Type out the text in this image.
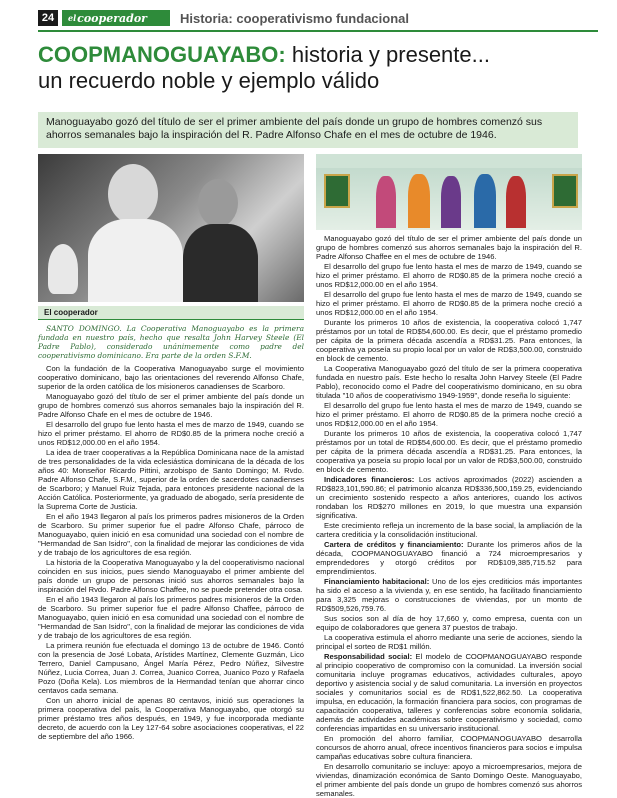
24	el cooperador	Historia: cooperativismo fundacional
COOPMANOGUAYABO: historia y presente...
un recuerdo noble y ejemplo válido
Manoguayabo gozó del título de ser el primer ambiente del país donde un grupo de hombres comenzó sus ahorros semanales bajo la inspiración del R. Padre Alfonso Chafe en el mes de octubre de 1946.
El cooperador

SANTO DOMINGO. La Cooperativa Manoguayabo es la primera fundada en nuestro país, hecho que resalta John Harvey Steele (El Padre Pablo), considerado unánimemente como padre del cooperativismo dominicano. Era parte de la orden S.F.M.

Con la fundación de la Cooperativa Manoguayabo surge el movimiento cooperativo dominicano, bajo las orientaciones del reverendo Alfonso Chafe, superior de la orden católica de los misioneros canadienses de Scarboro.

Manoguayabo gozó del título de ser el primer ambiente del país donde un grupo de hombres comenzó sus ahorros semanales bajo la inspiración del R. Padre Alfonso Chafe en el mes de octubre de 1946.

El desarrollo del grupo fue lento hasta el mes de marzo de 1949, cuando se hizo el primer préstamo. El ahorro de RD$0.85 de la primera noche creció a unos RD$12,000.00 en el año 1954.

La idea de traer cooperativas a la República Dominicana nace de la amistad de tres personalidades de la vida eclesiástica dominicana de la década de los años 40: Monseñor Ricardo Pittini, arzobispo de Santo Domingo; M. Rvdo. Padre Alfonso Chafe, S.F.M., superior de la orden de sacerdotes canadienses de Scarboro; y Manuel Ruiz Tejada, para entonces presidente nacional de la Acción Católica. Posteriormente, ya graduado de abogado, sería presidente de la Suprema Corte de Justicia.

En el año 1943 llegaron al país los primeros padres misioneros de la Orden de Scarboro. Su primer superior fue el padre Alfonso Chafe, párroco de Manoguayabo, quien inició en esa comunidad una sociedad con el nombre de "Hermandad de San Isidro", con la finalidad de mejorar las condiciones de vida y de trabajo de los agricultores de esa región.

La historia de la Cooperativa Manoguayabo y la del cooperativismo nacional coinciden en sus inicios, pues siendo Manoguayabo el primer ambiente del país donde un grupo de personas inició sus ahorros semanales bajo la inspiración del Rvdo. Padre Alfonso Chaffee, no se puede pretender otra cosa.

En el año 1943 llegaron al país los primeros padres misioneros de la Orden de Scarboro. Su primer superior fue el padre Alfonso Chaffee, párroco de Manoguayabo, quien inició en esa comunidad una sociedad con el nombre de "Hermandad de San Isidro", con la finalidad de mejorar las condiciones de vida y de trabajo de los agricultores de esa región.

La primera reunión fue efectuada el domingo 13 de octubre de 1946. Contó con la presencia de José Lobata, Arístides Martínez, Clemente Guzmán, Lico Terrero, Daniel Campusano, Ángel María Pérez, Pedro Núñez, Silvestre Núñez, Lucia Correa, Juan J. Correa, Juanico Correa, Juanico Pozo y Rafaela Pozo (Doña Kela). Los miembros de la Hermandad tenían que ahorrar cinco centavos cada semana.

Con un ahorro inicial de apenas 80 centavos, inició sus operaciones la primera cooperativa del país, la Cooperativa Manoguayabo, que otorgó su primer préstamo tres años después, en 1949, y fue incorporada mediante decreto, de acuerdo con la Ley 127-64 sobre asociaciones cooperativas, el 22 de septiembre del año 1966.

Manoguayabo gozó del título de ser el primer ambiente del país donde un grupo de hombres comenzó sus ahorros semanales bajo la inspiración del R. Padre Alfonso Chaffee en el mes de octubre de 1946.

El desarrollo del grupo fue lento hasta el mes de marzo de 1949, cuando se hizo el primer préstamo. El ahorro de RD$0.85 de la primera noche creció a unos RD$12,000.00 en el año 1954.

El desarrollo del grupo fue lento hasta el mes de marzo de 1949, cuando se hizo el primer préstamo. El ahorro de RD$0.85 de la primera noche creció a unos RD$12,000.00 en el año 1954.

Durante los primeros 10 años de existencia, la cooperativa colocó 1,747 préstamos por un total de RD$54,600.00. Es decir, que el préstamo promedio per cápita de la primera década ascendía a RD$31.25. Para entonces, la cooperativa ya poseía su propio local por un valor de RD$3,500.00, construido en block de cemento.

La Cooperativa Manoguayabo gozó del título de ser la primera cooperativa fundada en nuestro país. Este hecho lo resalta John Harvey Steele (El Padre Pablo), reconocido como el Padre del cooperativismo dominicano, en su obra titulada "10 años de cooperativismo 1949-1959", donde reseña lo siguiente:

El desarrollo del grupo fue lento hasta el mes de marzo de 1949, cuando se hizo el primer préstamo. El ahorro de RD$0.85 de la primera noche creció a unos RD$12,000.00 en el año 1954.

Durante los primeros 10 años de existencia, la cooperativa colocó 1,747 préstamos por un total de RD$54,600.00. Es decir, que el préstamo promedio per cápita de la primera década ascendía a RD$31.25. Para entonces, la cooperativa ya poseía su propio local por un valor de RD$3,500.00, construido en block de cemento.

Indicadores financieros: Los activos aproximados (2022) ascienden a RD$823,101,590.86; el patrimonio alcanza RD$336,500,159.25, evidenciando un crecimiento sostenido respecto a años anteriores, cuando los activos rondaban los RD$270 millones en 2019, lo que muestra una expansión significativa.

Este crecimiento refleja un incremento de la base social, la ampliación de la cartera crediticia y la consolidación institucional.

Cartera de créditos y financiamiento: Durante los primeros años de la década, COOPMANOGUAYABO financió a 724 microempresarios y emprendedores y otorgó créditos por RD$109,385,715.52 para emprendimientos.

Financiamiento habitacional: Uno de los ejes crediticios más importantes ha sido el acceso a la vivienda y, en ese sentido, ha facilitado financiamiento para 3,325 mejoras o construcciones de viviendas, por un monto de RD$509,526,759.76.

Sus socios son al día de hoy 17,660 y, como empresa, cuenta con un equipo de colaboradores que genera 37 puestos de trabajo.

La cooperativa estimula el ahorro mediante una serie de acciones, siendo la principal el sorteo de RD$1 millón.

Responsabilidad social: El modelo de COOPMANOGUAYABO responde al principio cooperativo de compromiso con la comunidad. La inversión social comunitaria incluye programas educativos, actividades culturales, apoyo deportivo y asistencia social y de salud comunitaria. La inversión en proyectos sociales y comunitarios social es de RD$1,522,862.50. La cooperativa impulsa, en educación, la formación financiera para socios, con programas de capacitación cooperativa, talleres y conferencias sobre economía solidaria, además de actividades académicas sobre cooperativismo y sociedad, como conferencias impartidas en su universario institucional.

En promoción del ahorro familiar, COOPMANOGUAYABO desarrolla concursos de ahorro anual, ofrece incentivos financieros para socios e impulsa campañas educativas sobre cultura financiera.

En desarrollo comunitario se incluye: apoyo a microempresarios, mejora de viviendas, dinamización económica de Santo Domingo Oeste. Manoguayabo, el primer ambiente del país donde un grupo de hombres comenzó sus ahorros semanales.
